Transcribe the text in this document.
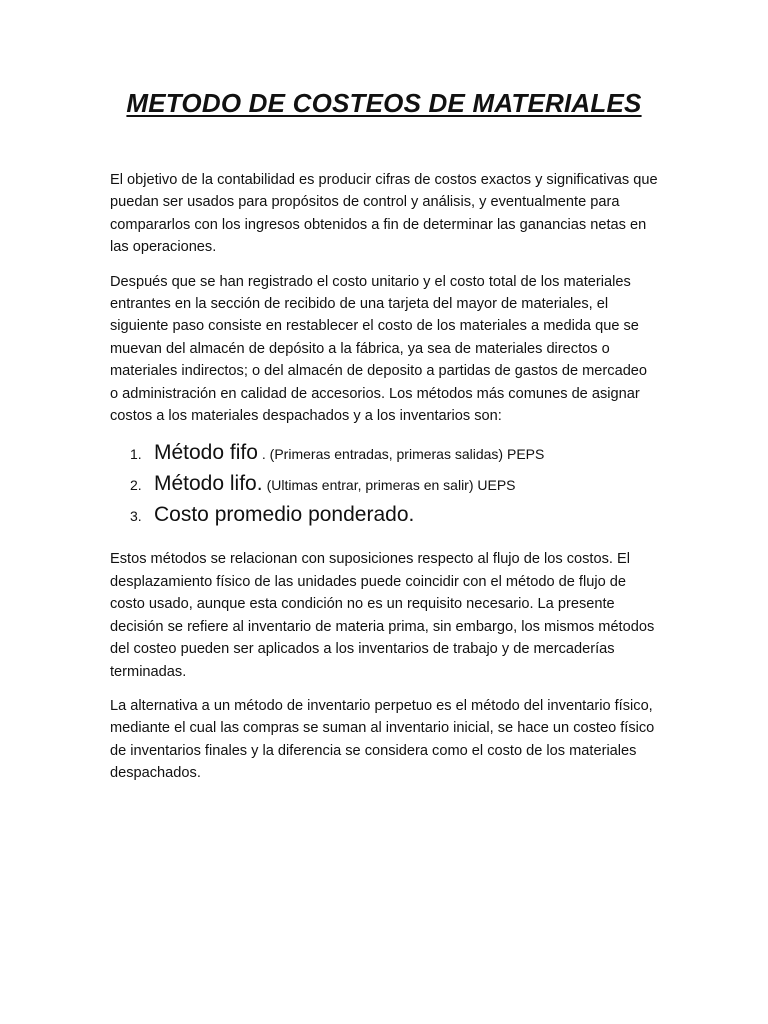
METODO DE COSTEOS DE MATERIALES

El objetivo de la contabilidad es producir cifras de costos exactos y significativas que puedan ser usados para propósitos de control y análisis, y eventualmente para compararlos con los ingresos obtenidos a fin de determinar las ganancias netas en las operaciones.

Después que se han registrado el costo unitario y el costo total de los materiales entrantes en la sección de recibido de una tarjeta del mayor de materiales, el siguiente paso consiste en restablecer el costo de los materiales a medida que se muevan del almacén de depósito a la fábrica, ya sea de materiales directos o materiales indirectos; o del almacén de deposito a partidas de gastos de mercadeo o administración en calidad de accesorios. Los métodos más comunes de asignar costos a los materiales despachados y a los inventarios son:

1. Método fifo . (Primeras entradas, primeras salidas) PEPS
2. Método lifo. (Ultimas entrar, primeras en salir) UEPS
3. Costo promedio ponderado.

Estos métodos se relacionan con suposiciones respecto al flujo de los costos. El desplazamiento físico de las unidades puede coincidir con el método de flujo de costo usado, aunque esta condición no es un requisito necesario. La presente decisión se refiere al inventario de materia prima, sin embargo, los mismos métodos del costeo pueden ser aplicados a los inventarios de trabajo y de mercaderías terminadas.

La alternativa a un método de inventario perpetuo es el método del inventario físico, mediante el cual las compras se suman al inventario inicial, se hace un costeo físico de inventarios finales y la diferencia se considera como el costo de los materiales despachados.
